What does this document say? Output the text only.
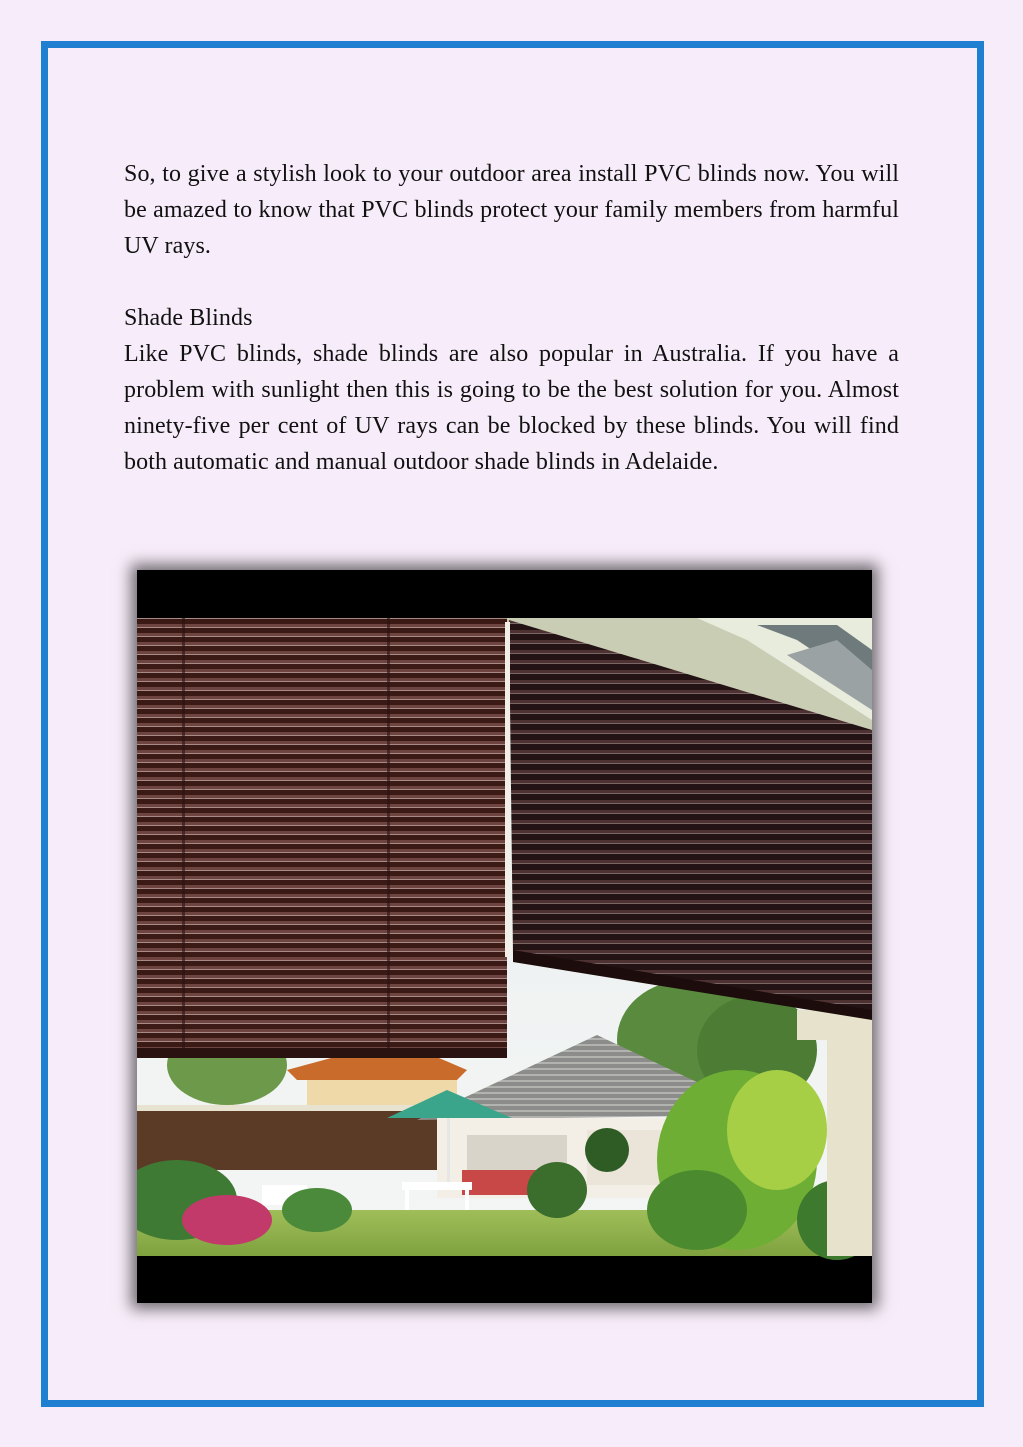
So, to give a stylish look to your outdoor area install PVC blinds now. You will be amazed to know that PVC blinds protect your family members from harmful UV rays.

Shade Blinds

Like PVC blinds, shade blinds are also popular in Australia. If you have a problem with sunlight then this is going to be the best solution for you. Almost ninety-five per cent of UV rays can be blocked by these blinds. You will find both automatic and manual outdoor shade blinds in Adelaide.
